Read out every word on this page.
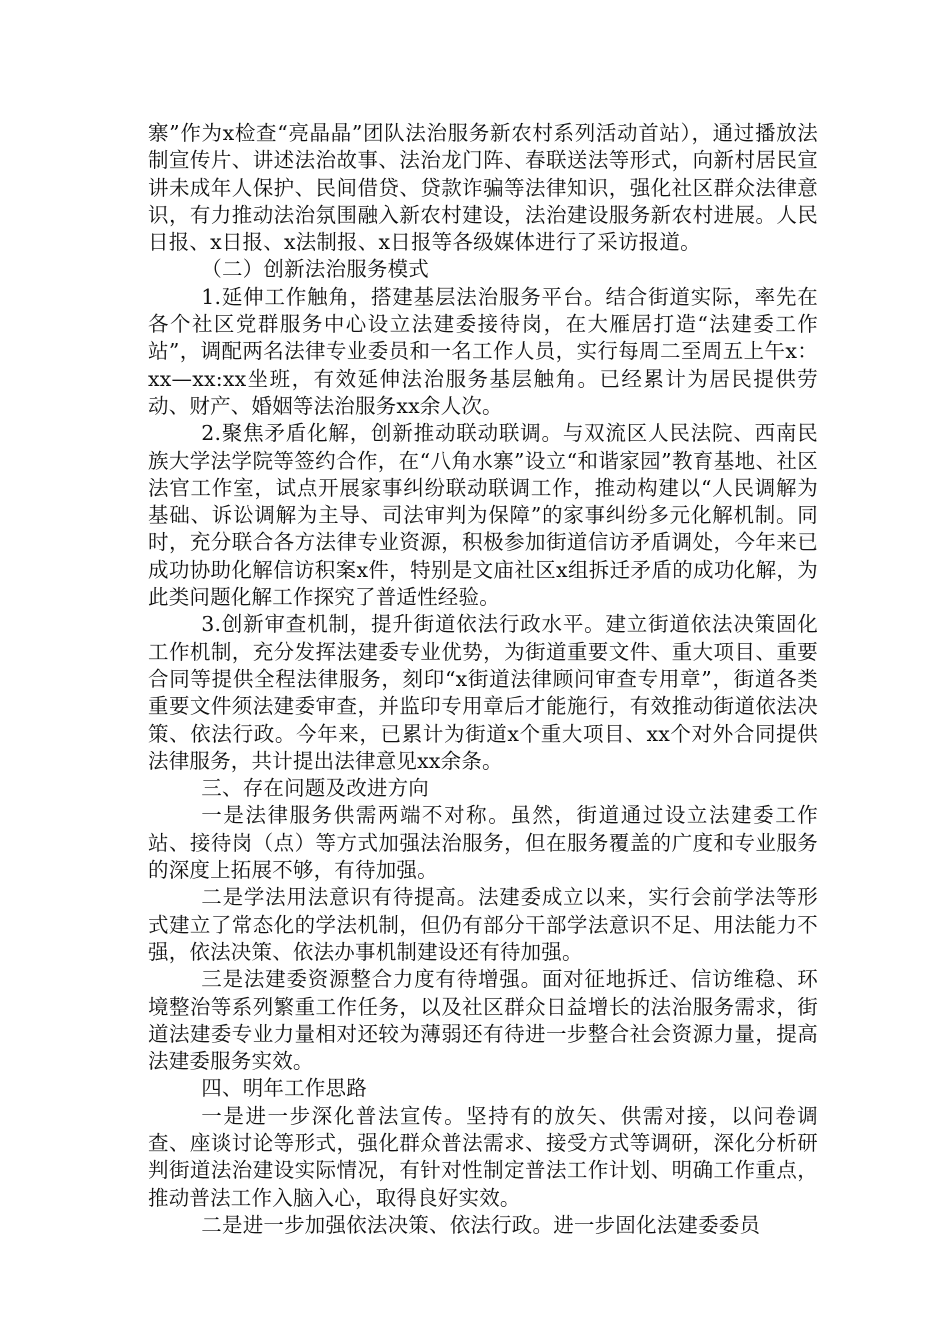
寨”作为x检查“亮晶晶”团队法治服务新农村系列活动首站），通过播放法制宣传片、讲述法治故事、法治龙门阵、春联送法等形式，向新村居民宣讲未成年人保护、民间借贷、贷款诈骗等法律知识，强化社区群众法律意识，有力推动法治氛围融入新农村建设，法治建设服务新农村进展。人民日报、x日报、x法制报、x日报等各级媒体进行了采访报道。

（二）创新法治服务模式

1.延伸工作触角，搭建基层法治服务平台。结合街道实际，率先在各个社区党群服务中心设立法建委接待岗，在大雁居打造“法建委工作站”，调配两名法律专业委员和一名工作人员，实行每周二至周五上午x：xx—xx:xx坐班，有效延伸法治服务基层触角。已经累计为居民提供劳动、财产、婚姻等法治服务xx余人次。

2.聚焦矛盾化解，创新推动联动联调。与双流区人民法院、西南民族大学法学院等签约合作，在“八角水寨”设立“和谐家园”教育基地、社区法官工作室，试点开展家事纠纷联动联调工作，推动构建以“人民调解为基础、诉讼调解为主导、司法审判为保障”的家事纠纷多元化解机制。同时，充分联合各方法律专业资源，积极参加街道信访矛盾调处，今年来已成功协助化解信访积案x件，特别是文庙社区x组拆迁矛盾的成功化解，为此类问题化解工作探究了普适性经验。

3.创新审查机制，提升街道依法行政水平。建立街道依法决策固化工作机制，充分发挥法建委专业优势，为街道重要文件、重大项目、重要合同等提供全程法律服务，刻印“x街道法律顾问审查专用章”，街道各类重要文件须法建委审查，并监印专用章后才能施行，有效推动街道依法决策、依法行政。今年来，已累计为街道x个重大项目、xx个对外合同提供法律服务，共计提出法律意见xx余条。

三、存在问题及改进方向

一是法律服务供需两端不对称。虽然，街道通过设立法建委工作站、接待岗（点）等方式加强法治服务，但在服务覆盖的广度和专业服务的深度上拓展不够，有待加强。

二是学法用法意识有待提高。法建委成立以来，实行会前学法等形式建立了常态化的学法机制，但仍有部分干部学法意识不足、用法能力不强，依法决策、依法办事机制建设还有待加强。

三是法建委资源整合力度有待增强。面对征地拆迁、信访维稳、环境整治等系列繁重工作任务，以及社区群众日益增长的法治服务需求，街道法建委专业力量相对还较为薄弱还有待进一步整合社会资源力量，提高法建委服务实效。

四、明年工作思路

一是进一步深化普法宣传。坚持有的放矢、供需对接，以问卷调查、座谈讨论等形式，强化群众普法需求、接受方式等调研，深化分析研判街道法治建设实际情况，有针对性制定普法工作计划、明确工作重点，推动普法工作入脑入心，取得良好实效。

二是进一步加强依法决策、依法行政。进一步固化法建委委员
